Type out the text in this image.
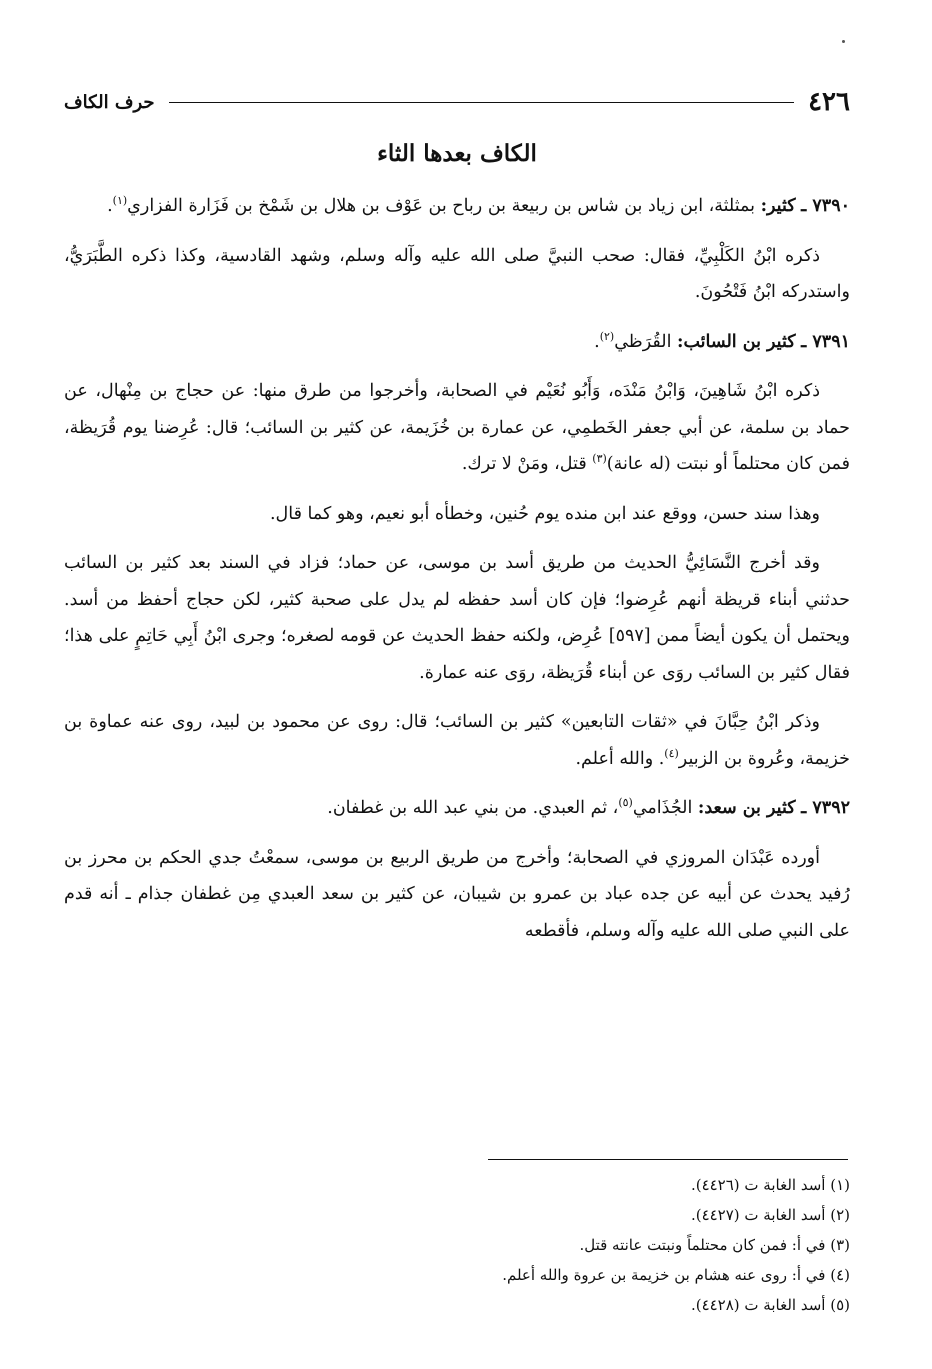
٤٢٦
حرف الكاف
الكاف بعدها الثاء

٧٣٩٠ ـ كثير: بمثلثة، ابن زياد بن شاس بن ربيعة بن رباح بن عَوْف بن هلال بن شَمْخ بن فَزَارة الفزاري$^{(١)}$.

ذكره ابْنُ الكَلْبِيِّ، فقال: صحب النبيَّ صلى الله عليه وآله وسلم، وشهد القادسية، وكذا ذكره الطَّبَرَيُّ، واستدركه ابْنُ فَتْحُونَ.

٧٣٩١ ـ كثير بن السائب: القُرَظي$^{(٢)}$.

ذكره ابْنُ شَاهِينَ، وَابْنُ مَنْدَه، وَأَبُو نُعَيْم في الصحابة، وأخرجوا من طرق منها: عن حجاج بن مِنْهال، عن حماد بن سلمة، عن أبي جعفر الخَطمِي، عن عمارة بن خُزَيمة، عن كثير بن السائب؛ قال: عُرِضنا يوم قُرَيظة، فمن كان محتلماً أو نبتت (له عانة)$^{(٣)}$ قتل، ومَنْ لا ترك.

وهذا سند حسن، ووقع عند ابن منده يوم حُنين، وخطأه أبو نعيم، وهو كما قال.

وقد أخرج النَّسَائِيُّ الحديث من طريق أسد بن موسى، عن حماد؛ فزاد في السند بعد كثير بن السائب حدثني أبناء قريظة أنهم عُرِضوا؛ فإن كان أسد حفظه لم يدل على صحبة كثير، لكن حجاج أحفظ من أسد. ويحتمل أن يكون أيضاً ممن [٥٩٧] عُرِض، ولكنه حفظ الحديث عن قومه لصغره؛ وجرى ابْنُ أَبِي حَاتِمٍ على هذا؛ فقال كثير بن السائب روَى عن أبناء قُرَيظة، روَى عنه عمارة.

وذكر ابْنُ حِبَّانَ في «ثقات التابعين» كثير بن السائب؛ قال: روى عن محمود بن لبيد، روى عنه عماوة بن خزيمة، وعُروة بن الزبير$^{(٤)}$. والله أعلم.

٧٣٩٢ ـ كثير بن سعد: الجُذَامي$^{(٥)}$، ثم العبدي. من بني عبد الله بن غطفان.

أورده عَبْدَان المروزي في الصحابة؛ وأخرج من طريق الربيع بن موسى، سمعْتُ جدي الحكم بن محرز بن رُفيد يحدث عن أبيه عن جده عباد بن عمرو بن شيبان، عن كثير بن سعد العبدي مِن غطفان جذام ـ أنه قدم على النبي صلى الله عليه وآله وسلم، فأقطعه

(١) أسد الغابة ت (٤٤٢٦).

(٢) أسد الغابة ت (٤٤٢٧).

(٣) في أ: فمن كان محتلماً ونبتت عانته قتل.

(٤) في أ: روى عنه هشام بن خزيمة بن عروة والله أعلم.

(٥) أسد الغابة ت (٤٤٢٨).
